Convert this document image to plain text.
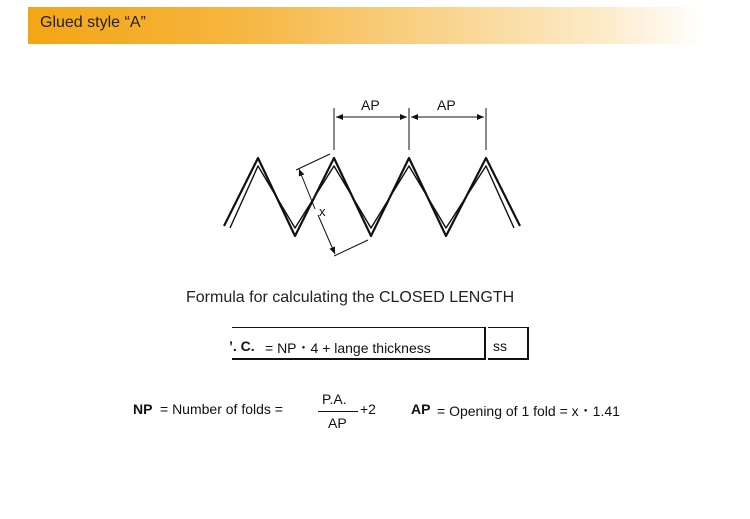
Glued style “A”
AP	AP
x
Formula for calculating the CLOSED LENGTH
’. C. = NP・4 + lange thickness	ss
NP = Number of folds =
P.A.
AP
+2	AP = Opening of 1 fold = x・1.41
